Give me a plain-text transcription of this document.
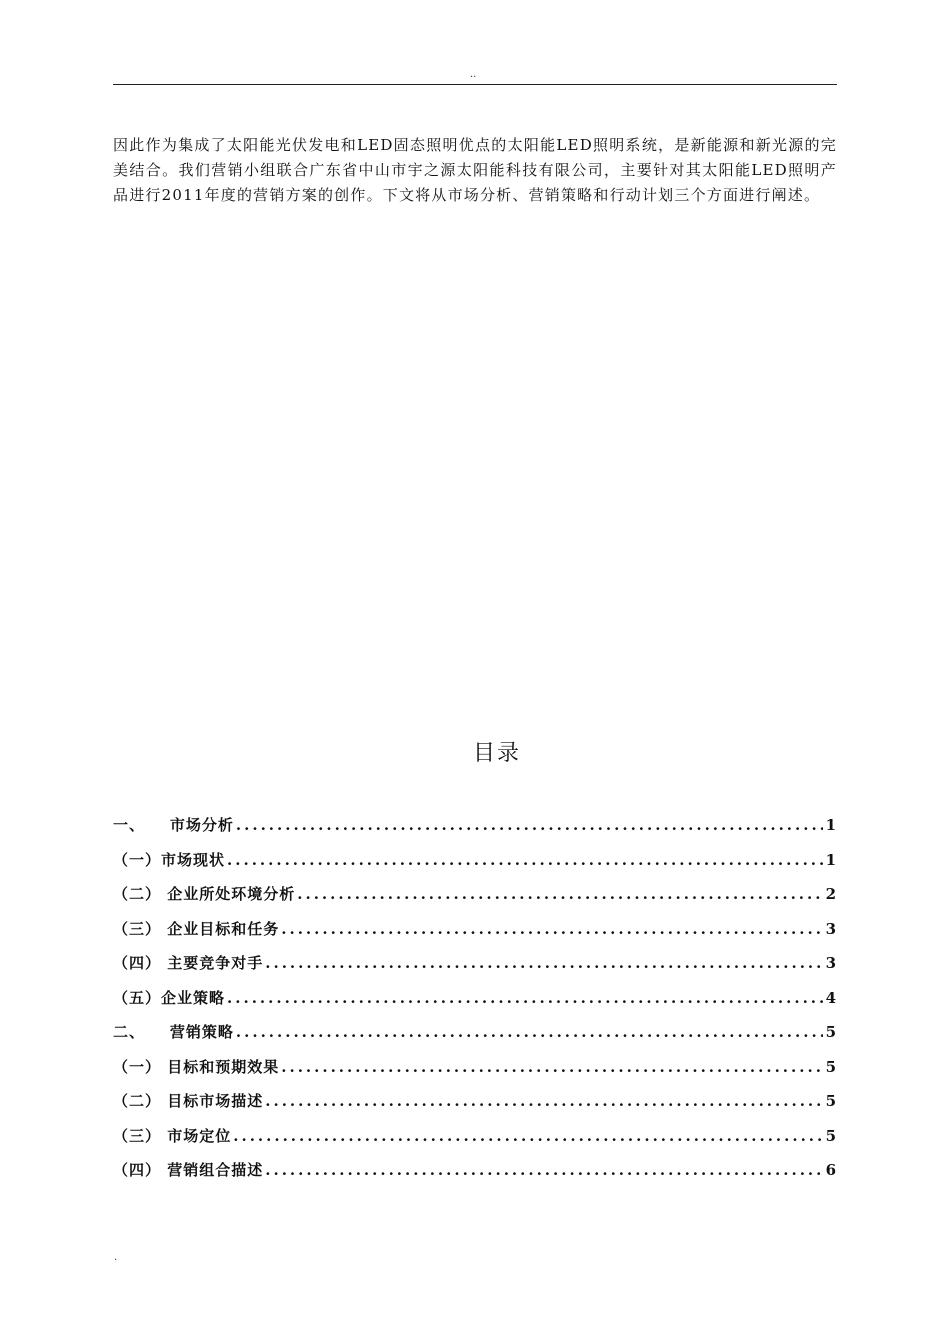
..

因此作为集成了太阳能光伏发电和LED固态照明优点的太阳能LED照明系统，是新能源和新光源的完美结合。我们营销小组联合广东省中山市宇之源太阳能科技有限公司，主要针对其太阳能LED照明产品进行2011年度的营销方案的创作。下文将从市场分析、营销策略和行动计划三个方面进行阐述。

目录
一、 市场分析 .....	1
（一） 市场现状 .....	1
（二） 企业所处环境分析 .....	2
（三） 企业目标和任务 .....	3
（四） 主要竞争对手 .....	3
（五） 企业策略 .....	4
二、 营销策略 .....	5
（一） 目标和预期效果 .....	5
（二） 目标市场描述 .....	5
（三） 市场定位 .....	5
（四） 营销组合描述 .....	6
.
